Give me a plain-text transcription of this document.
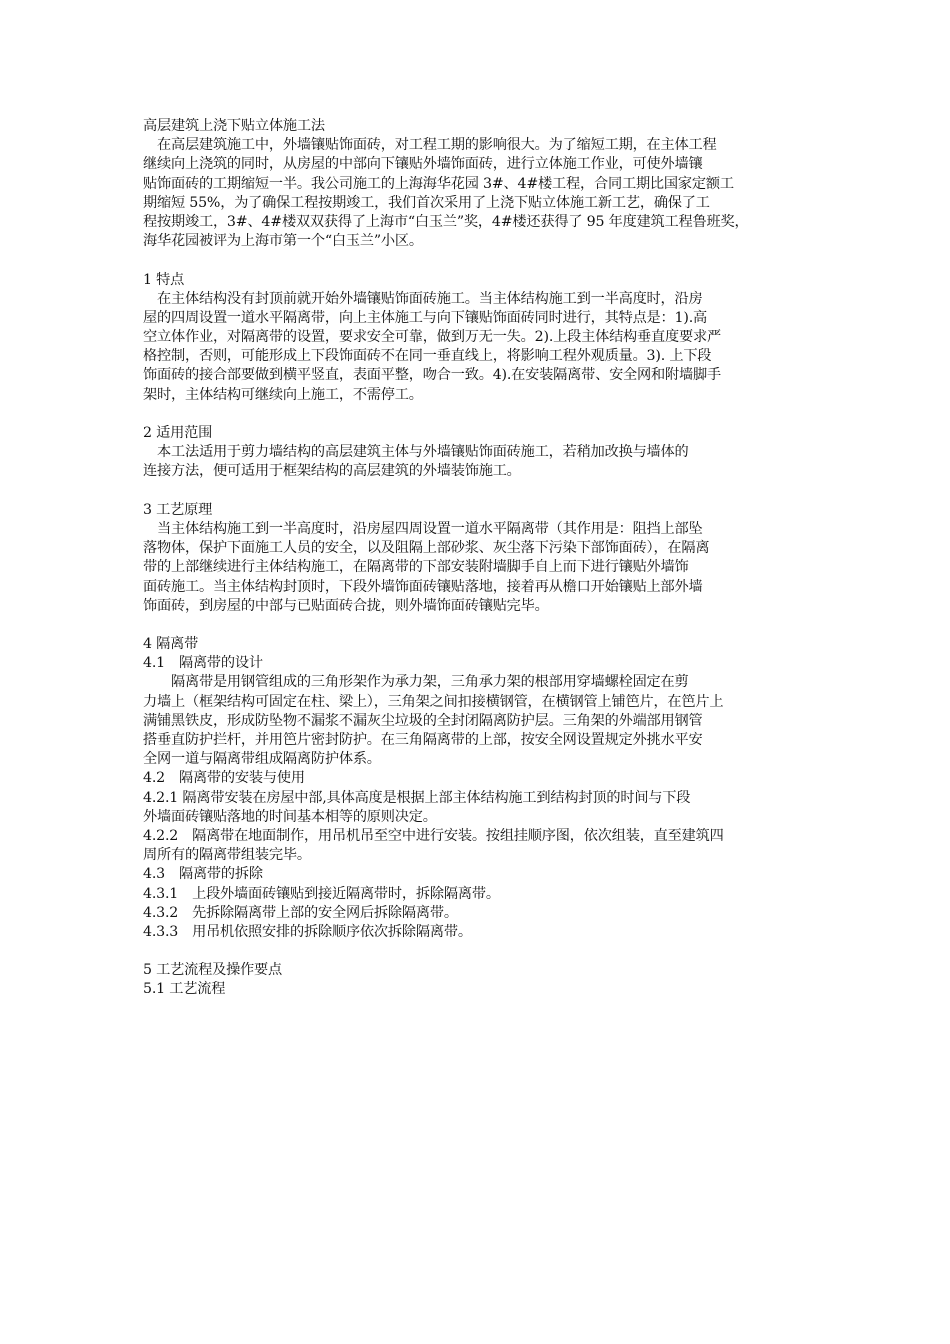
高层建筑上浇下贴立体施工法
　在高层建筑施工中，外墙镶贴饰面砖，对工程工期的影响很大。为了缩短工期，在主体工程
继续向上浇筑的同时，从房屋的中部向下镶贴外墙饰面砖，进行立体施工作业，可使外墙镶
贴饰面砖的工期缩短一半。我公司施工的上海海华花园 3#、4#楼工程，合同工期比国家定额工
期缩短 55%，为了确保工程按期竣工，我们首次采用了上浇下贴立体施工新工艺，确保了工
程按期竣工，3#、4#楼双双获得了上海市“白玉兰”奖，4#楼还获得了 95 年度建筑工程鲁班奖，
海华花园被评为上海市第一个“白玉兰”小区。
1 特点
　在主体结构没有封顶前就开始外墙镶贴饰面砖施工。当主体结构施工到一半高度时，沿房
屋的四周设置一道水平隔离带，向上主体施工与向下镶贴饰面砖同时进行，其特点是：1).高
空立体作业，对隔离带的设置，要求安全可靠，做到万无一失。2).上段主体结构垂直度要求严
格控制，否则，可能形成上下段饰面砖不在同一垂直线上，将影响工程外观质量。3). 上下段
饰面砖的接合部要做到横平竖直，表面平整，吻合一致。4).在安装隔离带、安全网和附墙脚手
架时，主体结构可继续向上施工，不需停工。
2 适用范围
　本工法适用于剪力墙结构的高层建筑主体与外墙镶贴饰面砖施工，若稍加改换与墙体的
连接方法，便可适用于框架结构的高层建筑的外墙装饰施工。
3 工艺原理
　当主体结构施工到一半高度时，沿房屋四周设置一道水平隔离带（其作用是：阻挡上部坠
落物体，保护下面施工人员的安全，以及阻隔上部砂浆、灰尘落下污染下部饰面砖），在隔离
带的上部继续进行主体结构施工，在隔离带的下部安装附墙脚手自上而下进行镶贴外墙饰
面砖施工。当主体结构封顶时，下段外墙饰面砖镶贴落地，接着再从檐口开始镶贴上部外墙
饰面砖，到房屋的中部与已贴面砖合拢，则外墙饰面砖镶贴完毕。
4 隔离带
4.1　隔离带的设计
　　隔离带是用钢管组成的三角形架作为承力架，三角承力架的根部用穿墙螺栓固定在剪
力墙上（框架结构可固定在柱、梁上），三角架之间扣接横钢管，在横钢管上铺笆片，在笆片上
满铺黑铁皮，形成防坠物不漏浆不漏灰尘垃圾的全封闭隔离防护层。三角架的外端部用钢管
搭垂直防护拦杆，并用笆片密封防护。在三角隔离带的上部，按安全网设置规定外挑水平安
全网一道与隔离带组成隔离防护体系。
4.2　隔离带的安装与使用
4.2.1 隔离带安装在房屋中部,具体高度是根据上部主体结构施工到结构封顶的时间与下段
外墙面砖镶贴落地的时间基本相等的原则决定。
4.2.2　隔离带在地面制作，用吊机吊至空中进行安装。按组挂顺序图，依次组装，直至建筑四
周所有的隔离带组装完毕。
4.3　隔离带的拆除
4.3.1　上段外墙面砖镶贴到接近隔离带时，拆除隔离带。
4.3.2　先拆除隔离带上部的安全网后拆除隔离带。
4.3.3　用吊机依照安排的拆除顺序依次拆除隔离带。
5 工艺流程及操作要点
5.1 工艺流程
